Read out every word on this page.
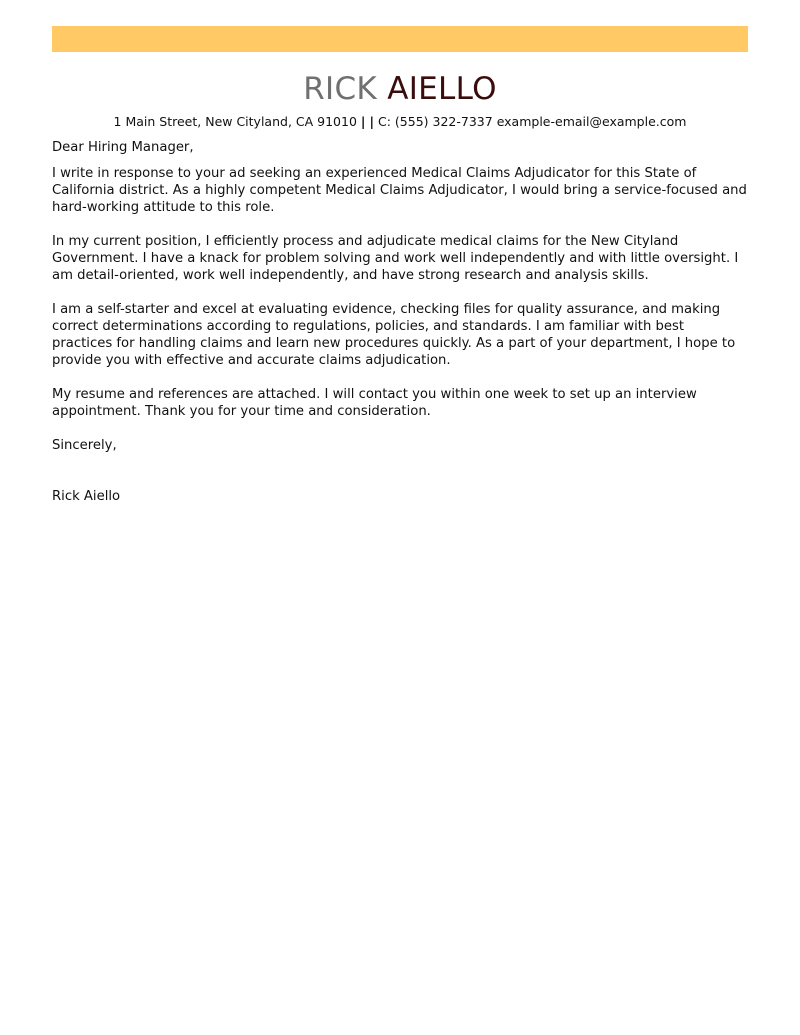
RICK AIELLO
1 Main Street, New Cityland, CA 91010 | | C: (555) 322-7337 example-email@example.com

Dear Hiring Manager,

I write in response to your ad seeking an experienced Medical Claims Adjudicator for this State of California district. As a highly competent Medical Claims Adjudicator, I would bring a service-focused and hard-working attitude to this role.

In my current position, I efficiently process and adjudicate medical claims for the New Cityland Government. I have a knack for problem solving and work well independently and with little oversight. I am detail-oriented, work well independently, and have strong research and analysis skills.

I am a self-starter and excel at evaluating evidence, checking files for quality assurance, and making correct determinations according to regulations, policies, and standards. I am familiar with best practices for handling claims and learn new procedures quickly. As a part of your department, I hope to provide you with effective and accurate claims adjudication.

My resume and references are attached. I will contact you within one week to set up an interview appointment. Thank you for your time and consideration.

Sincerely,

Rick Aiello
